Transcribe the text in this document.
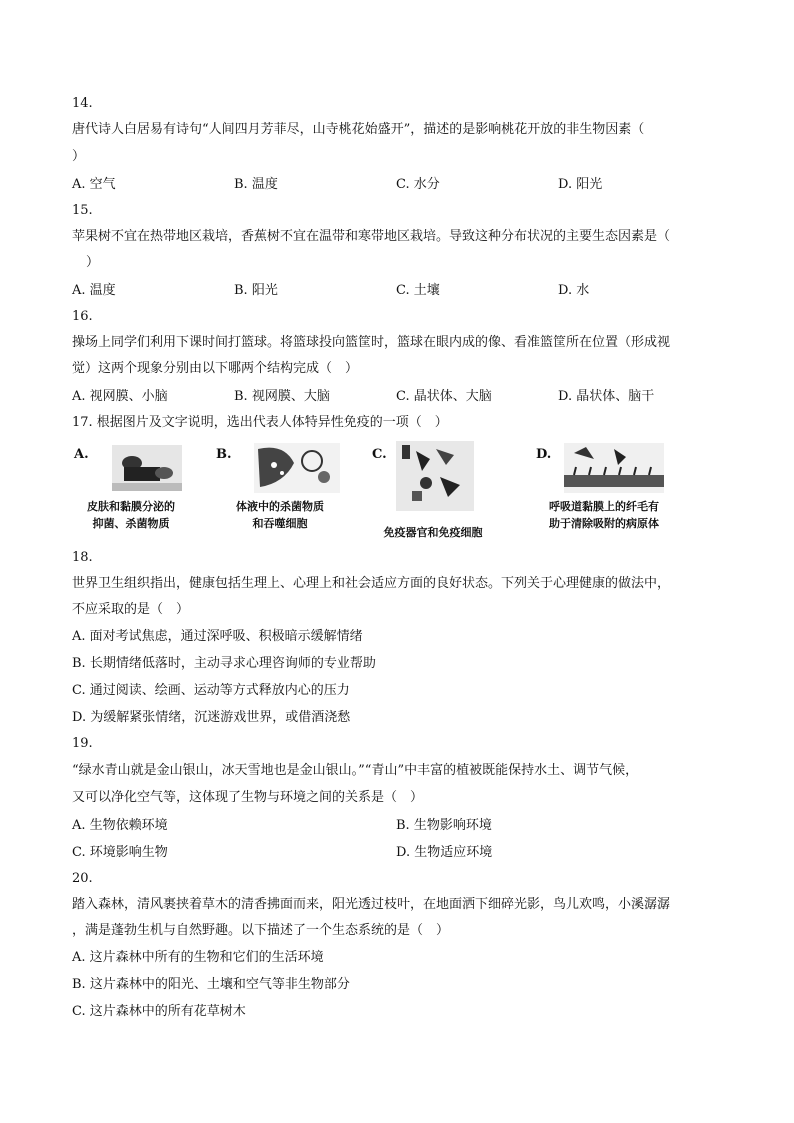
14.
唐代诗人白居易有诗句“人间四月芳菲尽，山寺桃花始盛开”，描述的是影响桃花开放的非生物因素（
）
A. 空气	B. 温度	C. 水分	D. 阳光
15.
苹果树不宜在热带地区栽培，香蕉树不宜在温带和寒带地区栽培。导致这种分布状况的主要生态因素是（
）
A. 温度	B. 阳光	C. 土壤	D. 水
16.
操场上同学们利用下课时间打篮球。将篮球投向篮筐时，篮球在眼内成的像、看准篮筐所在位置（形成视
觉）这两个现象分别由以下哪两个结构完成（　）
A. 视网膜、小脑	B. 视网膜、大脑	C. 晶状体、大脑	D. 晶状体、脑干
17. 根据图片及文字说明，选出代表人体特异性免疫的一项（　）
A.
皮肤和黏膜分泌的
抑菌、杀菌物质
B.
体液中的杀菌物质
和吞噬细胞
C.
免疫器官和免疫细胞
D.
呼吸道黏膜上的纤毛有
助于清除吸附的病原体
18.
世界卫生组织指出，健康包括生理上、心理上和社会适应方面的良好状态。下列关于心理健康的做法中，
不应采取的是（　）
A. 面对考试焦虑，通过深呼吸、积极暗示缓解情绪
B. 长期情绪低落时，主动寻求心理咨询师的专业帮助
C. 通过阅读、绘画、运动等方式释放内心的压力
D. 为缓解紧张情绪，沉迷游戏世界，或借酒浇愁
19.
“绿水青山就是金山银山，冰天雪地也是金山银山。”“青山”中丰富的植被既能保持水土、调节气候，
又可以净化空气等，这体现了生物与环境之间的关系是（　）
A. 生物依赖环境	B. 生物影响环境
C. 环境影响生物	D. 生物适应环境
20.
踏入森林，清风裹挟着草木的清香拂面而来，阳光透过枝叶，在地面洒下细碎光影，鸟儿欢鸣，小溪潺潺
，满是蓬勃生机与自然野趣。以下描述了一个生态系统的是（　）
A. 这片森林中所有的生物和它们的生活环境
B. 这片森林中的阳光、土壤和空气等非生物部分
C. 这片森林中的所有花草树木
